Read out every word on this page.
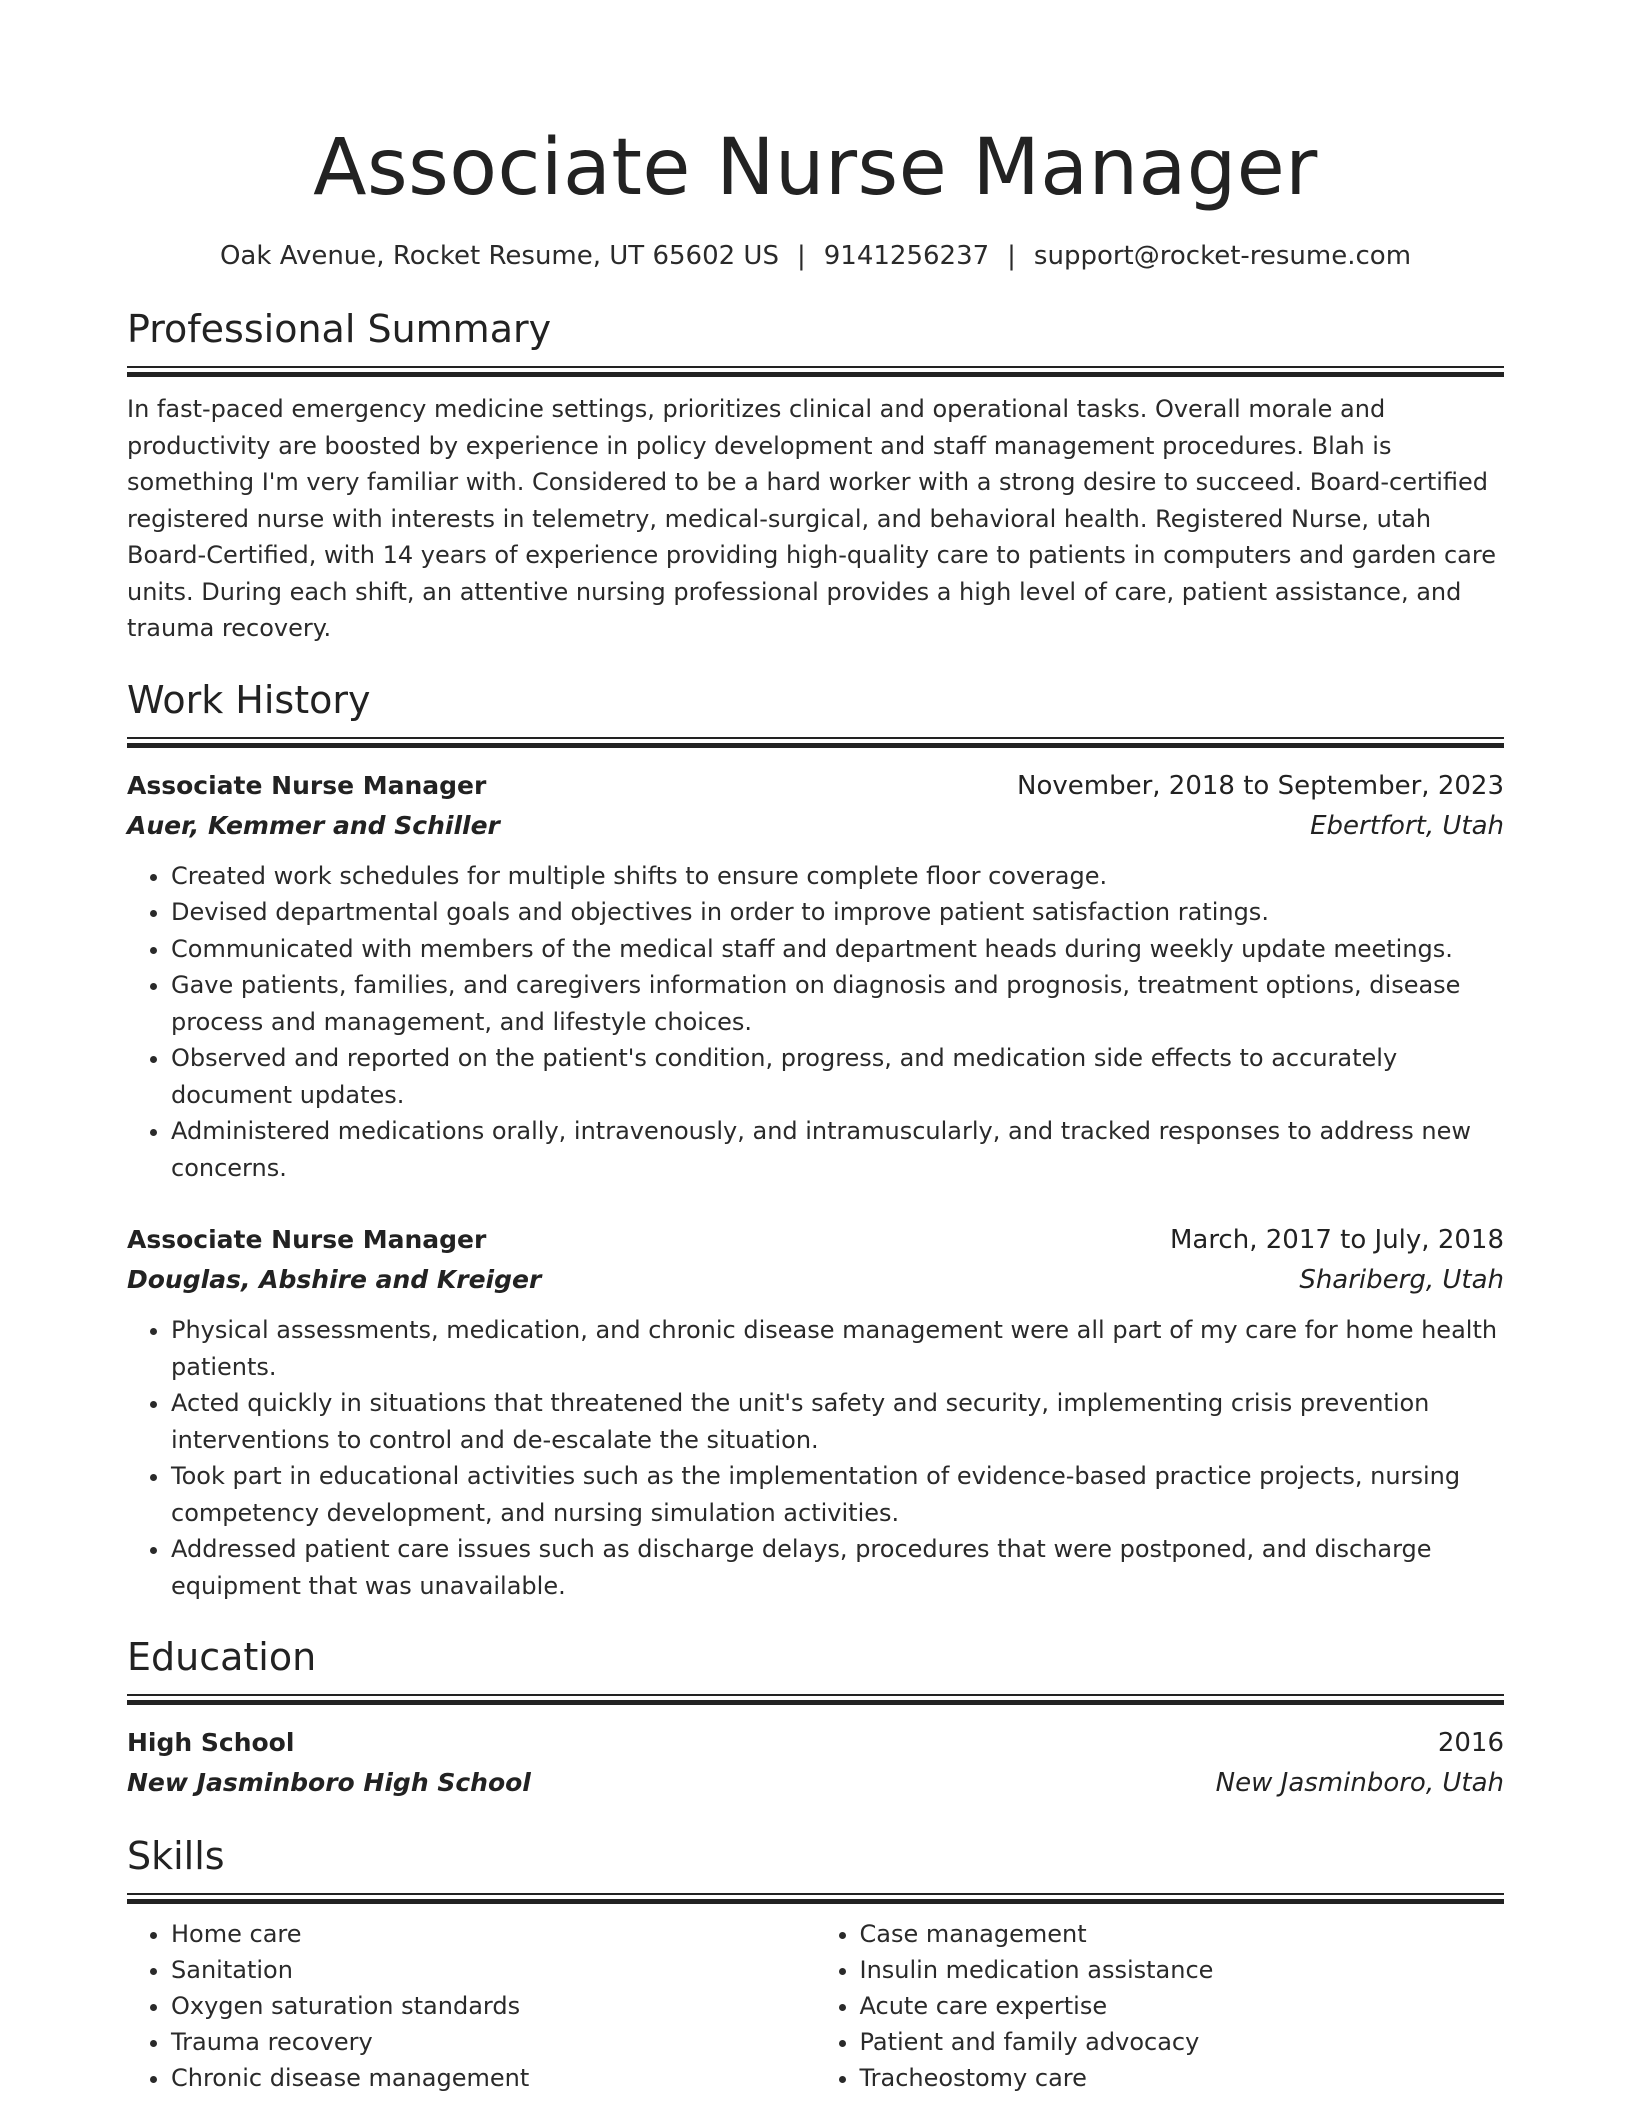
Associate Nurse Manager
Oak Avenue, Rocket Resume, UT 65602 US | 9141256237 | support@rocket-resume.com
Professional Summary

In fast-paced emergency medicine settings, prioritizes clinical and operational tasks. Overall morale and productivity are boosted by experience in policy development and staff management procedures. Blah is something I'm very familiar with. Considered to be a hard worker with a strong desire to succeed. Board-certified registered nurse with interests in telemetry, medical-surgical, and behavioral health. Registered Nurse, utah Board-Certified, with 14 years of experience providing high-quality care to patients in computers and garden care units. During each shift, an attentive nursing professional provides a high level of care, patient assistance, and trauma recovery.

Work History
Associate Nurse Manager	November, 2018 to September, 2023
Auer, Kemmer and Schiller	Ebertfort, Utah
• Created work schedules for multiple shifts to ensure complete floor coverage.
• Devised departmental goals and objectives in order to improve patient satisfaction ratings.
• Communicated with members of the medical staff and department heads during weekly update meetings.
• Gave patients, families, and caregivers information on diagnosis and prognosis, treatment options, disease process and management, and lifestyle choices.
• Observed and reported on the patient's condition, progress, and medication side effects to accurately document updates.
• Administered medications orally, intravenously, and intramuscularly, and tracked responses to address new concerns.
Associate Nurse Manager	March, 2017 to July, 2018
Douglas, Abshire and Kreiger	Shariberg, Utah
• Physical assessments, medication, and chronic disease management were all part of my care for home health patients.
• Acted quickly in situations that threatened the unit's safety and security, implementing crisis prevention interventions to control and de-escalate the situation.
• Took part in educational activities such as the implementation of evidence-based practice projects, nursing competency development, and nursing simulation activities.
• Addressed patient care issues such as discharge delays, procedures that were postponed, and discharge equipment that was unavailable.
Education
High School	2016
New Jasminboro High School	New Jasminboro, Utah
Skills
• Home care
• Sanitation
• Oxygen saturation standards
• Trauma recovery
• Chronic disease management
• Case management
• Insulin medication assistance
• Acute care expertise
• Patient and family advocacy
• Tracheostomy care
